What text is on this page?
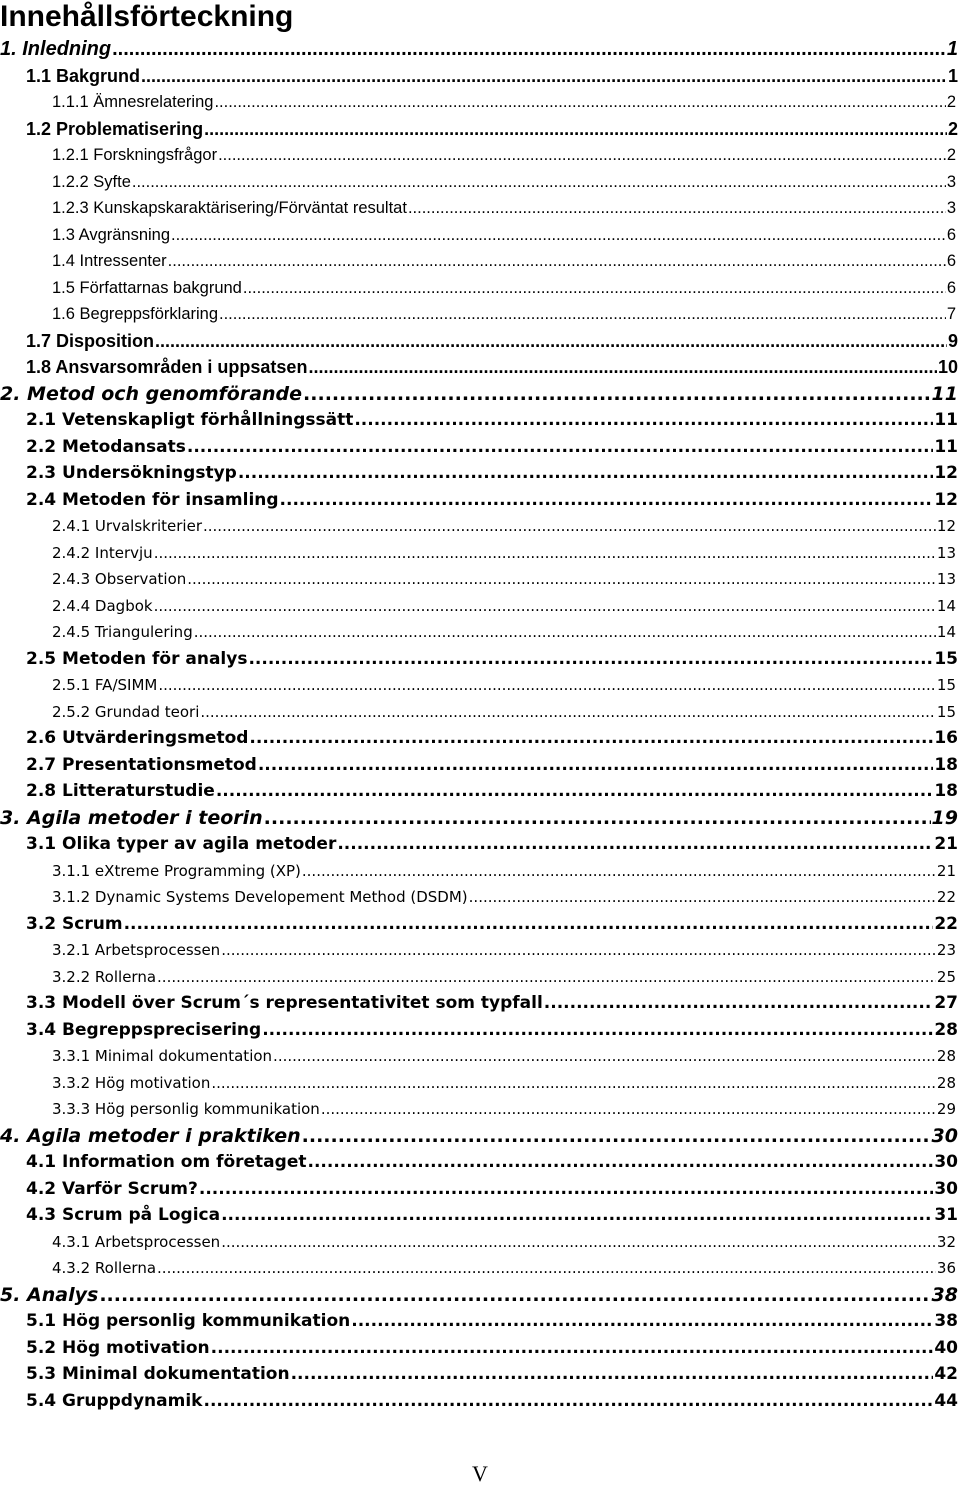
Innehållsförteckning
1. Inledning .....	1
1.1 Bakgrund .....	1
1.1.1 Ämnesrelatering .....	2
1.2 Problematisering .....	2
1.2.1 Forskningsfrågor .....	2
1.2.2 Syfte .....	3
1.2.3 Kunskapskaraktärisering/Förväntat resultat .....	3
1.3 Avgränsning .....	6
1.4 Intressenter .....	6
1.5 Författarnas bakgrund .....	6
1.6 Begreppsförklaring .....	7
1.7 Disposition .....	9
1.8 Ansvarsområden i uppsatsen .....	10
2. Metod och genomförande .....	11
2.1 Vetenskapligt förhållningssätt .....	11
2.2 Metodansats .....	11
2.3 Undersökningstyp .....	12
2.4 Metoden för insamling .....	12
2.4.1 Urvalskriterier .....	12
2.4.2 Intervju .....	13
2.4.3 Observation .....	13
2.4.4 Dagbok .....	14
2.4.5 Triangulering .....	14
2.5 Metoden för analys .....	15
2.5.1 FA/SIMM .....	15
2.5.2 Grundad teori .....	15
2.6 Utvärderingsmetod .....	16
2.7 Presentationsmetod .....	18
2.8 Litteraturstudie .....	18
3. Agila metoder i teorin .....	19
3.1 Olika typer av agila metoder .....	21
3.1.1 eXtreme Programming (XP) .....	21
3.1.2 Dynamic Systems Developement Method (DSDM) .....	22
3.2 Scrum .....	22
3.2.1 Arbetsprocessen .....	23
3.2.2 Rollerna .....	25
3.3 Modell över Scrum´s representativitet som typfall .....	27
3.4 Begreppsprecisering .....	28
3.3.1 Minimal dokumentation .....	28
3.3.2 Hög motivation .....	28
3.3.3 Hög personlig kommunikation .....	29
4. Agila metoder i praktiken .....	30
4.1 Information om företaget .....	30
4.2 Varför Scrum? .....	30
4.3 Scrum på Logica .....	31
4.3.1 Arbetsprocessen .....	32
4.3.2 Rollerna .....	36
5. Analys .....	38
5.1 Hög personlig kommunikation .....	38
5.2 Hög motivation .....	40
5.3 Minimal dokumentation .....	42
5.4 Gruppdynamik .....	44
V
